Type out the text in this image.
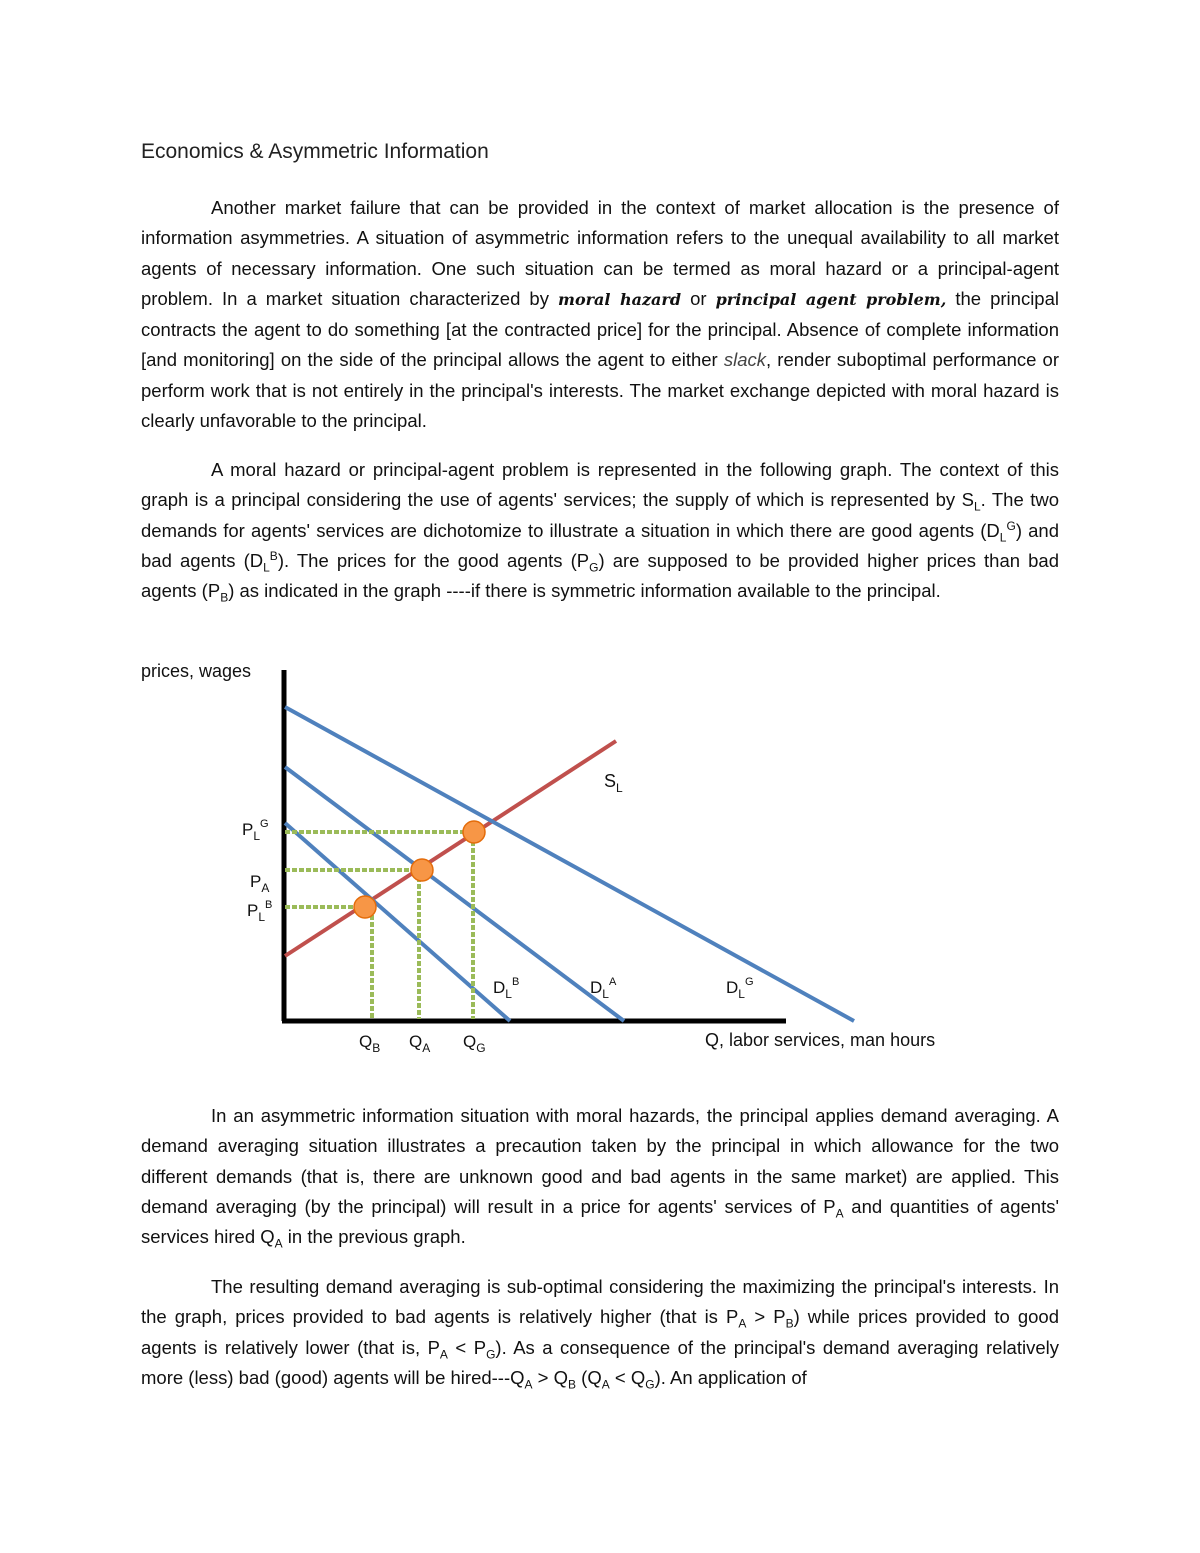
Economics & Asymmetric Information

Another market failure that can be provided in the context of market allocation is the presence of information asymmetries. A situation of asymmetric information refers to the unequal availability to all market agents of necessary information. One such situation can be termed as moral hazard or a principal-agent problem. In a market situation characterized by moral hazard or principal agent problem, the principal contracts the agent to do something [at the contracted price] for the principal. Absence of complete information [and monitoring] on the side of the principal allows the agent to either slack, render suboptimal performance or perform work that is not entirely in the principal's interests. The market exchange depicted with moral hazard is clearly unfavorable to the principal.

A moral hazard or principal-agent problem is represented in the following graph. The context of this graph is a principal considering the use of agents' services; the supply of which is represented by $S_L$. The two demands for agents' services are dichotomize to illustrate a situation in which there are good agents $(D_L^G)$ and bad agents $(D_L^B)$. The prices for the good agents $(P_G)$ are supposed to be provided higher prices than bad agents $(P_B)$ as indicated in the graph ----if there is symmetric information available to the principal.

prices, wages
$S_L$
$D_L^B$	$D_L^A$	$D_L^G$
$P_L^G$
$P_A$
$P_L^B$
$Q_B$ $Q_A$ $Q_G$	Q, labor services, man hours

In an asymmetric information situation with moral hazards, the principal applies demand averaging. A demand averaging situation illustrates a precaution taken by the principal in which allowance for the two different demands (that is, there are unknown good and bad agents in the same market) are applied. This demand averaging (by the principal) will result in a price for agents' services of $P_A$ and quantities of agents' services hired $Q_A$ in the previous graph.

The resulting demand averaging is sub-optimal considering the maximizing the principal's interests. In the graph, prices provided to bad agents is relatively higher (that is $P_A > P_B$) while prices provided to good agents is relatively lower (that is, $P_A < P_G$). As a consequence of the principal's demand averaging relatively more (less) bad (good) agents will be hired-$--Q_A > Q_B$ $(Q_A < Q_G)$. An application of
